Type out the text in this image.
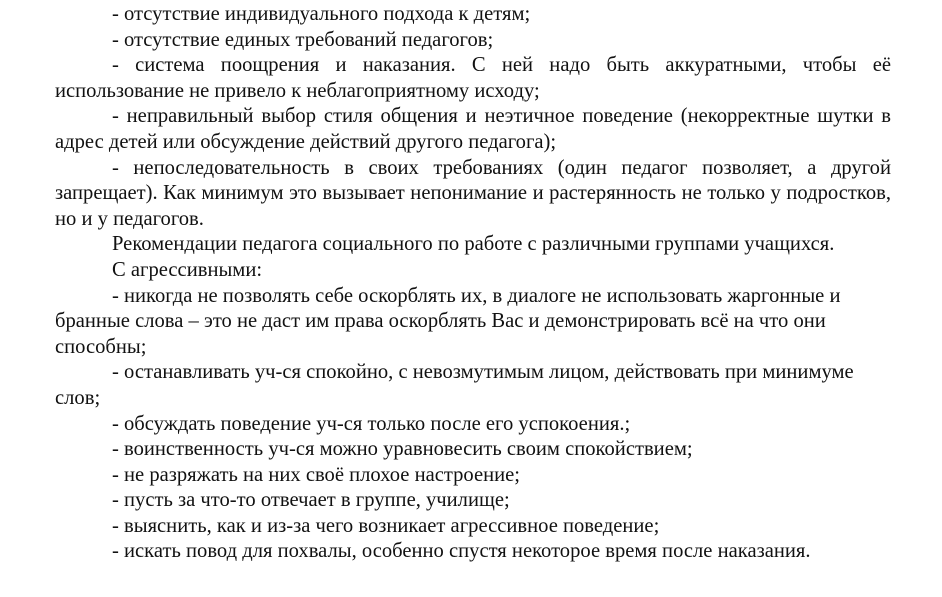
- отсутствие индивидуального подхода к детям;

- отсутствие единых требований педагогов;

- система поощрения и наказания. С ней надо быть аккуратными, чтобы её использование не привело к неблагоприятному исходу;

- неправильный выбор стиля общения и неэтичное поведение (некорректные шутки в адрес детей или обсуждение действий другого педагога);

- непоследовательность в своих требованиях (один педагог позволяет, а другой запрещает). Как минимум это вызывает непонимание и растерянность не только у подростков, но и у педагогов.

Рекомендации педагога социального по работе с различными группами учащихся.

С агрессивными:

- никогда не позволять себе оскорблять их, в диалоге не использовать жаргонные и бранные слова – это не даст им права оскорблять Вас и демонстрировать всё на что они способны;

- останавливать уч-ся спокойно, с невозмутимым лицом, действовать при минимуме слов;

- обсуждать поведение уч-ся только после его успокоения.;

- воинственность уч-ся можно уравновесить своим спокойствием;

- не разряжать на них своё плохое настроение;

- пусть за что-то отвечает в группе, училище;

- выяснить, как и из-за чего возникает агрессивное поведение;

- искать повод для похвалы, особенно спустя некоторое время после наказания.
